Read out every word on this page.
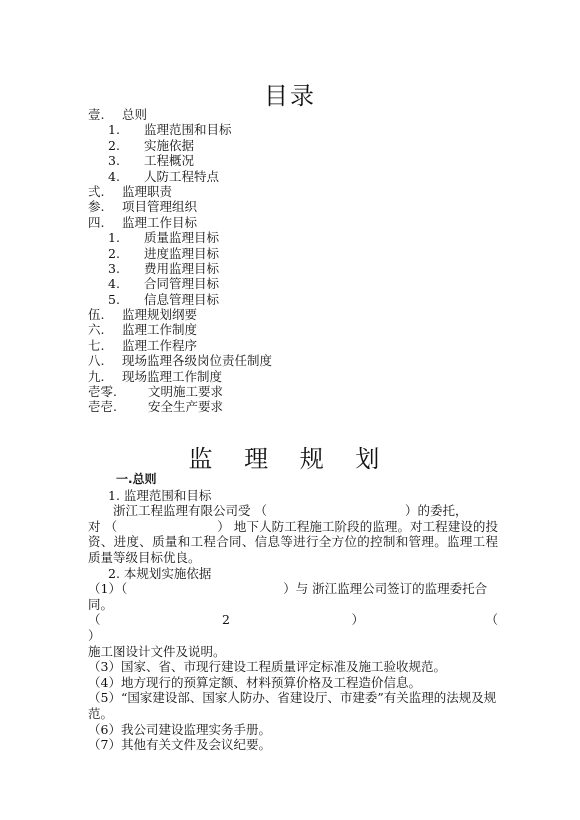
目录
壹. 总则
1. 监理范围和目标
2. 实施依据
3. 工程概况
4. 人防工程特点
弍. 监理职责
参. 项目管理组织
四. 监理工作目标
1. 质量监理目标
2. 进度监理目标
3. 费用监理目标
4. 合同管理目标
5. 信息管理目标
伍. 监理规划纲要
六. 监理工作制度
七. 监理工作程序
八. 现场监理各级岗位责任制度
九. 现场监理工作制度
壱零. 文明施工要求
壱壱. 安全生产要求
监 理 规 划

一.总则

1. 监理范围和目标

浙江工程监理有限公司受 （	）的委托，

对 （	） 地下人防工程施工阶段的监理。对工程建设的投资、进度、质量和工程合同、信息等进行全方位的控制和管理。监理工程质量等级目标优良。

2. 本规划实施依据

（1）（	）与 浙江监理公司签订的监理委托合同。

（	2	）	（

）

施工图设计文件及说明。

（3）国家、省、市现行建设工程质量评定标准及施工验收规范。

（4）地方现行的预算定额、材料预算价格及工程造价信息。

（5）“国家建设部、国家人防办、省建设厅、市建委”有关监理的法规及规范。

（6）我公司建设监理实务手册。

（7）其他有关文件及会议纪要。
